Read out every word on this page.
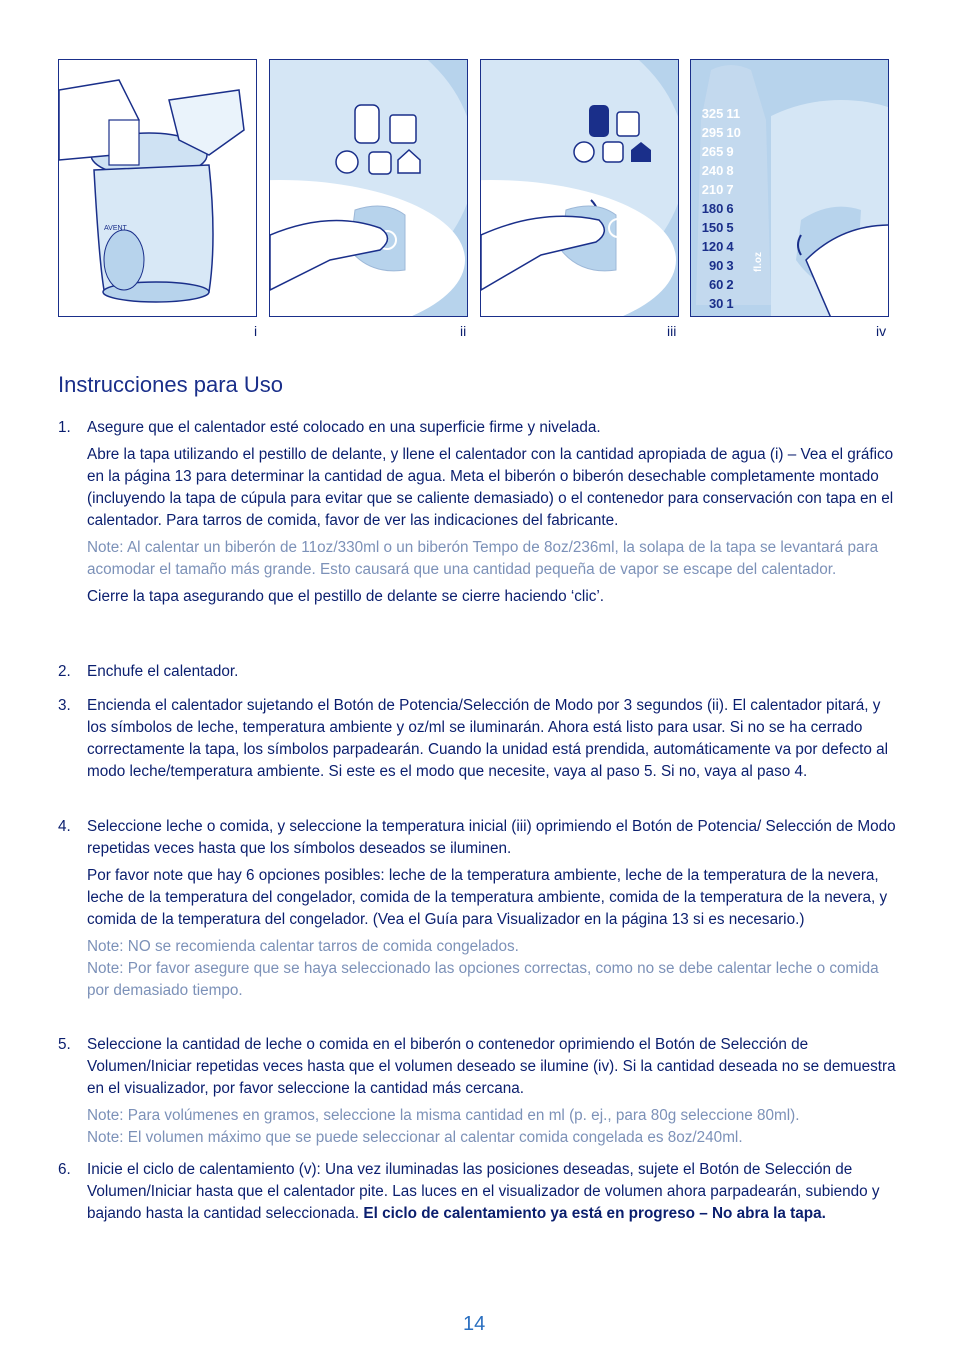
AVENT
ml
fl.oz
325 11
295 10
265 9
240 8
210 7
180 6
150 5
120 4
90 3
60 2
30 1
i	ii	iii	iv
Instrucciones para Uso
1. Asegure que el calentador esté colocado en una superficie firme y nivelada.

Abre la tapa utilizando el pestillo de delante, y llene el calentador con la cantidad apropiada de agua (i) – Vea el gráfico en la página 13 para determinar la cantidad de agua. Meta el biberón o biberón desechable completamente montado (incluyendo la tapa de cúpula para evitar que se caliente demasiado) o el contenedor para conservación con tapa en el calentador. Para tarros de comida, favor de ver las indicaciones del fabricante.

Note: Al calentar un biberón de 11oz/330ml o un biberón Tempo de 8oz/236ml, la solapa de la tapa se levantará para acomodar el tamaño más grande. Esto causará que una cantidad pequeña de vapor se escape del calentador.

Cierre la tapa asegurando que el pestillo de delante se cierre haciendo ‘clic’.

2. Enchufe el calentador.

3. Encienda el calentador sujetando el Botón de Potencia/Selección de Modo por 3 segundos (ii). El calentador pitará, y los símbolos de leche, temperatura ambiente y oz/ml se iluminarán. Ahora está listo para usar. Si no se ha cerrado correctamente la tapa, los símbolos parpadearán. Cuando la unidad está prendida, automáticamente va por defecto al modo leche/temperatura ambiente. Si este es el modo que necesite, vaya al paso 5. Si no, vaya al paso 4.

4. Seleccione leche o comida, y seleccione la temperatura inicial (iii) oprimiendo el Botón de Potencia/ Selección de Modo repetidas veces hasta que los símbolos deseados se iluminen.

Por favor note que hay 6 opciones posibles: leche de la temperatura ambiente, leche de la temperatura de la nevera, leche de la temperatura del congelador, comida de la temperatura ambiente, comida de la temperatura de la nevera, y comida de la temperatura del congelador. (Vea el Guía para Visualizador en la página 13 si es necesario.)

Note: NO se recomienda calentar tarros de comida congelados.

Note: Por favor asegure que se haya seleccionado las opciones correctas, como no se debe calentar leche o comida por demasiado tiempo.

5. Seleccione la cantidad de leche o comida en el biberón o contenedor oprimiendo el Botón de Selección de Volumen/Iniciar repetidas veces hasta que el volumen deseado se ilumine (iv). Si la cantidad deseada no se demuestra en el visualizador, por favor seleccione la cantidad más cercana.

Note: Para volúmenes en gramos, seleccione la misma cantidad en ml (p. ej., para 80g seleccione 80ml).

Note: El volumen máximo que se puede seleccionar al calentar comida congelada es 8oz/240ml.

6. Inicie el ciclo de calentamiento (v): Una vez iluminadas las posiciones deseadas, sujete el Botón de Selección de Volumen/Iniciar hasta que el calentador pite. Las luces en el visualizador de volumen ahora parpadearán, subiendo y bajando hasta la cantidad seleccionada. El ciclo de calentamiento ya está en progreso – No abra la tapa.

14
